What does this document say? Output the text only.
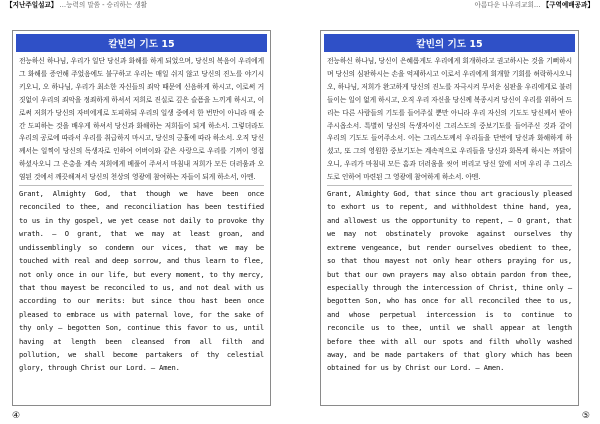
【지난주일설교】 …능력의 말씀 - 승리하는 생활
칼빈의 기도 15
전능하신 하나님, 우리가 일단 당신과 화해를 하게 되었으며, 당신의 복음이 우리에게 그 화해를 증언해 주었음에도 불구하고 우리는 매일 쉬지 않고 당신의 진노를 야기시키오니, 오 하나님, 우리가 최소한 자신들의 죄악 때문에 신음하게 하시고, 이로써 거짓없이 우리의 죄악을 정죄하게 하셔서 저희로 진실로 깊은 슬픔을 느끼게 하시고, 이로써 저희가 당신의 자비에게로 도피하되 우리의 일생 중에서 한 번만이 아니라 매 순간 도피하는 것을 배우게 하셔서 당신과 화해하는 저희들이 되게 하소서. 그렇더라도 우리의 공로에 따라서 우리를 취급하지 마시고, 당신의 긍휼에 따라 하소서. 오직 당신께서는 일찍이 당신의 독생자로 인하여 어버이와 같은 사랑으로 우리를 기꺼이 영접하셨사오니 그 은총을 계속 저희에게 베풀어 주셔서 마침내 저희가 모든 더러움과 오염된 것에서 깨끗해져서 당신의 천상의 영광에 참여하는 자들이 되게 하소서, 아멘.
Grant, Almighty God, that though we have been once reconciled to thee, and reconciliation has been testified to us in thy gospel, we yet cease not daily to provoke thy wrath. — O grant, that we may at least groan, and undissemblingly so condemn our vices, that we may be touched with real and deep sorrow, and thus learn to flee, not only once in our life, but every moment, to thy mercy, that thou mayest be reconciled to us, and not deal with us according to our merits: but since thou hast been once pleased to embrace us with paternal love, for the sake of thy only — begotten Son, continue this favor to us, until having at length been cleansed from all filth and pollution, we shall become partakers of thy celestial glory, through Christ our Lord. — Amen.
④
아름다운 나우리교회… 【구역예배공과】
칼빈의 기도 15
전능하신 하나님, 당신이 은혜롭게도 우리에게 회개하라고 권고하시는 것을 기뻐하시며 당신의 심판하시는 손을 억제하시고 이로서 우리에게 회개할 기회를 허락하시오니 오, 하나님, 저희가 완고하게 당신의 진노를 자극시켜 무서운 심판을 우리에게로 불러들이는 일이 없게 하시고, 오직 우리 자신을 당신께 복종시켜 당신이 우리를 위하여 드리는 다른 사람들의 기도를 들어주실 뿐만 아니라 우리 자신의 기도도 당신께서 받아 주시옵소서. 특별히 당신의 독생자이신 그리스도의 중보기도를 들어주신 것과 같이 우리의 기도도 들어주소서. 이는 그리스도께서 우리들을 단번에 당신과 화해하게 하셨고, 또 그의 영원한 중보기도는 계속적으로 우리들을 당신과 화목케 하시는 까닭이오니, 우리가 마침내 모든 흠과 더러움을 씻어 버리고 당신 앞에 서며 우리 주 그리스도로 인하여 마련된 그 영광에 참여하게 하소서. 아멘.
Grant, Almighty God, that since thou art graciously pleased to exhort us to repent, and withholdest thine hand, yea, and allowest us the opportunity to repent, — O grant, that we may not obstinately provoke against ourselves thy extreme vengeance, but render ourselves obedient to thee, so that thou mayest not only hear others praying for us, but that our own prayers may also obtain pardon from thee, especially through the intercession of Christ, thine only — begotten Son, who has once for all reconciled thee to us, and whose perpetual intercession is to continue to reconcile us to thee, until we shall appear at length before thee with all our spots and filth wholly washed away, and be made partakers of that glory which has been obtained for us by Christ our Lord. — Amen.
⑤
